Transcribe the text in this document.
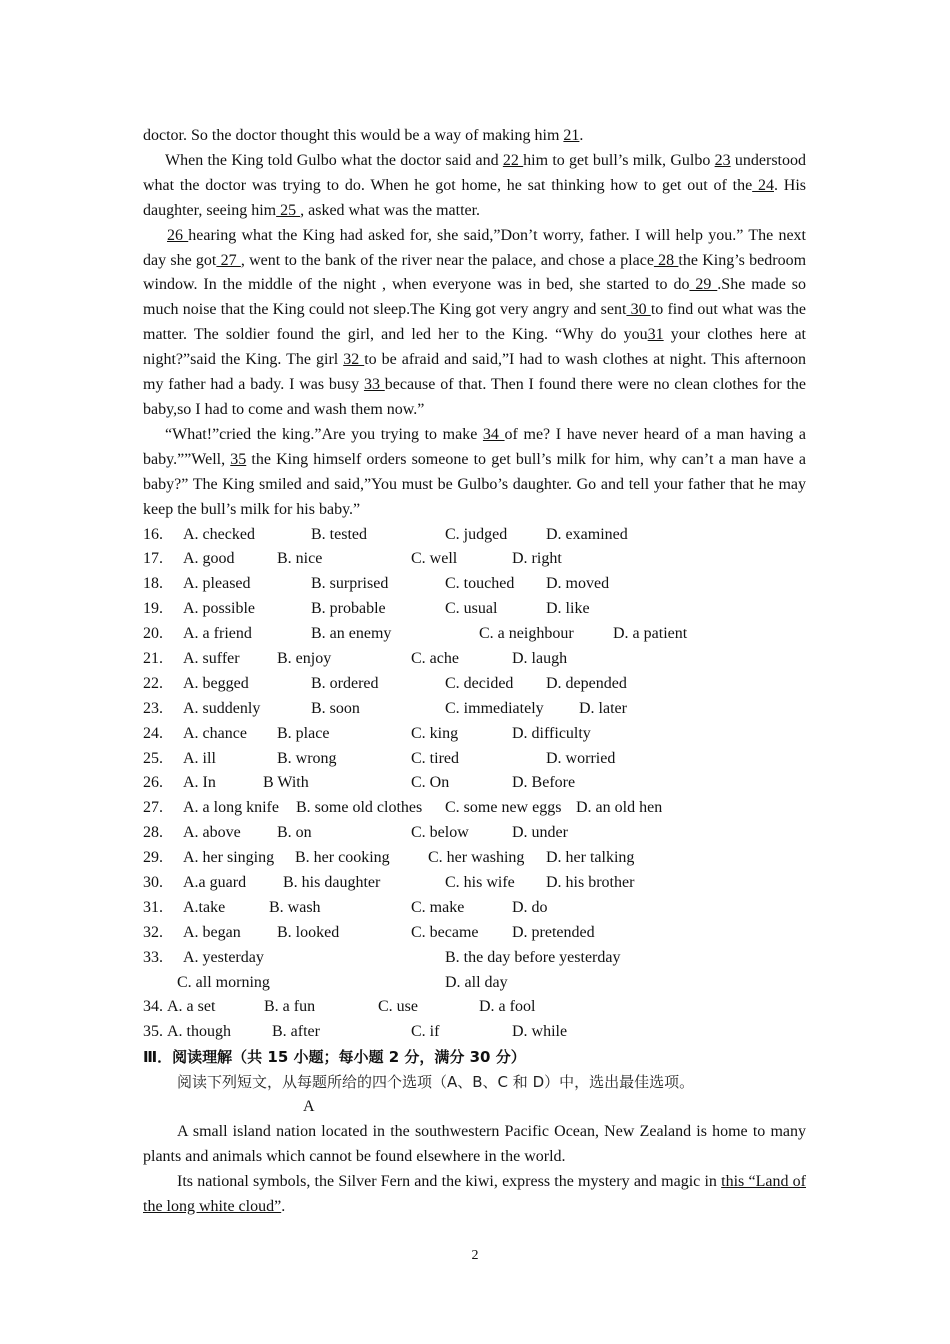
doctor. So the doctor thought this would be a way of making him 21.

When the King told Gulbo what the doctor said and 22 him to get bull’s milk, Gulbo 23 understood what the doctor was trying to do. When he got home, he sat thinking how to get out of the 24. His daughter, seeing him 25 , asked what was the matter.

26 hearing what the King had asked for, she said,”Don’t worry, father. I will help you.” The next day she got 27 , went to the bank of the river near the palace, and chose a place 28 the King’s bedroom window. In the middle of the night , when everyone was in bed, she started to do 29 .She made so much noise that the King could not sleep.The King got very angry and sent 30 to find out what was the matter. The soldier found the girl, and led her to the King. “Why do you31 your clothes here at night?”said the King. The girl 32 to be afraid and said,”I had to wash clothes at night. This afternoon my father had a bady. I was busy 33 because of that. Then I found there were no clean clothes for the baby,so I had to come and wash them now.”

“What!”cried the king.”Are you trying to make 34 of me? I have never heard of a man having a baby.””Well, 35 the King himself orders someone to get bull’s milk for him, why can’t a man have a baby?” The King smiled and said,”You must be Gulbo’s daughter. Go and tell your father that he may keep the bull’s milk for his baby.”

16. A. checked	B. tested	C. judged D. examined
17. A. good	B. nice	C. well	D. right
18. A. pleased	B. surprised	C. touched D. moved
19. A. possible	B. probable	C. usual	D. like
20. A. a friend	B. an enemy	C. a neighbour D. a patient
21. A. suffer B. enjoy	C. ache	D. laugh
22. A. begged	B. ordered	C. decided D. depended
23. A. suddenly	B. soon	C. immediately D. later
24. A. chance B. place	C. king	D. difficulty
25. A. ill	B. wrong	C. tired	D. worried
26. A. In	B With	C. On	D. Before
27. A. a long knife B. some old clothes C. some new eggs D. an old hen
28. A. above B. on	C. below	D. under
29. A. her singing B. her cooking C. her washing D. her talking
30. A.a guard B. his daughter	C. his wife D. his brother
31. A.take	B. wash	C. make	D. do
32. A. began B. looked	C. became D. pretended
33. A. yesterday	B. the day before yesterday
C. all morning	D. all day
34. A. a set	B. a fun	C. use	D. a fool
35. A. though	B. after	C. if	D. while

Ⅲ．阅读理解（共 15 小题；每小题 2 分，满分 30 分）

阅读下列短文，从每题所给的四个选项（A、B、C 和 D）中，选出最佳选项。

A

A small island nation located in the southwestern Pacific Ocean, New Zealand is home to many plants and animals which cannot be found elsewhere in the world.

Its national symbols, the Silver Fern and the kiwi, express the mystery and magic in this “Land of the long white cloud”.

2
